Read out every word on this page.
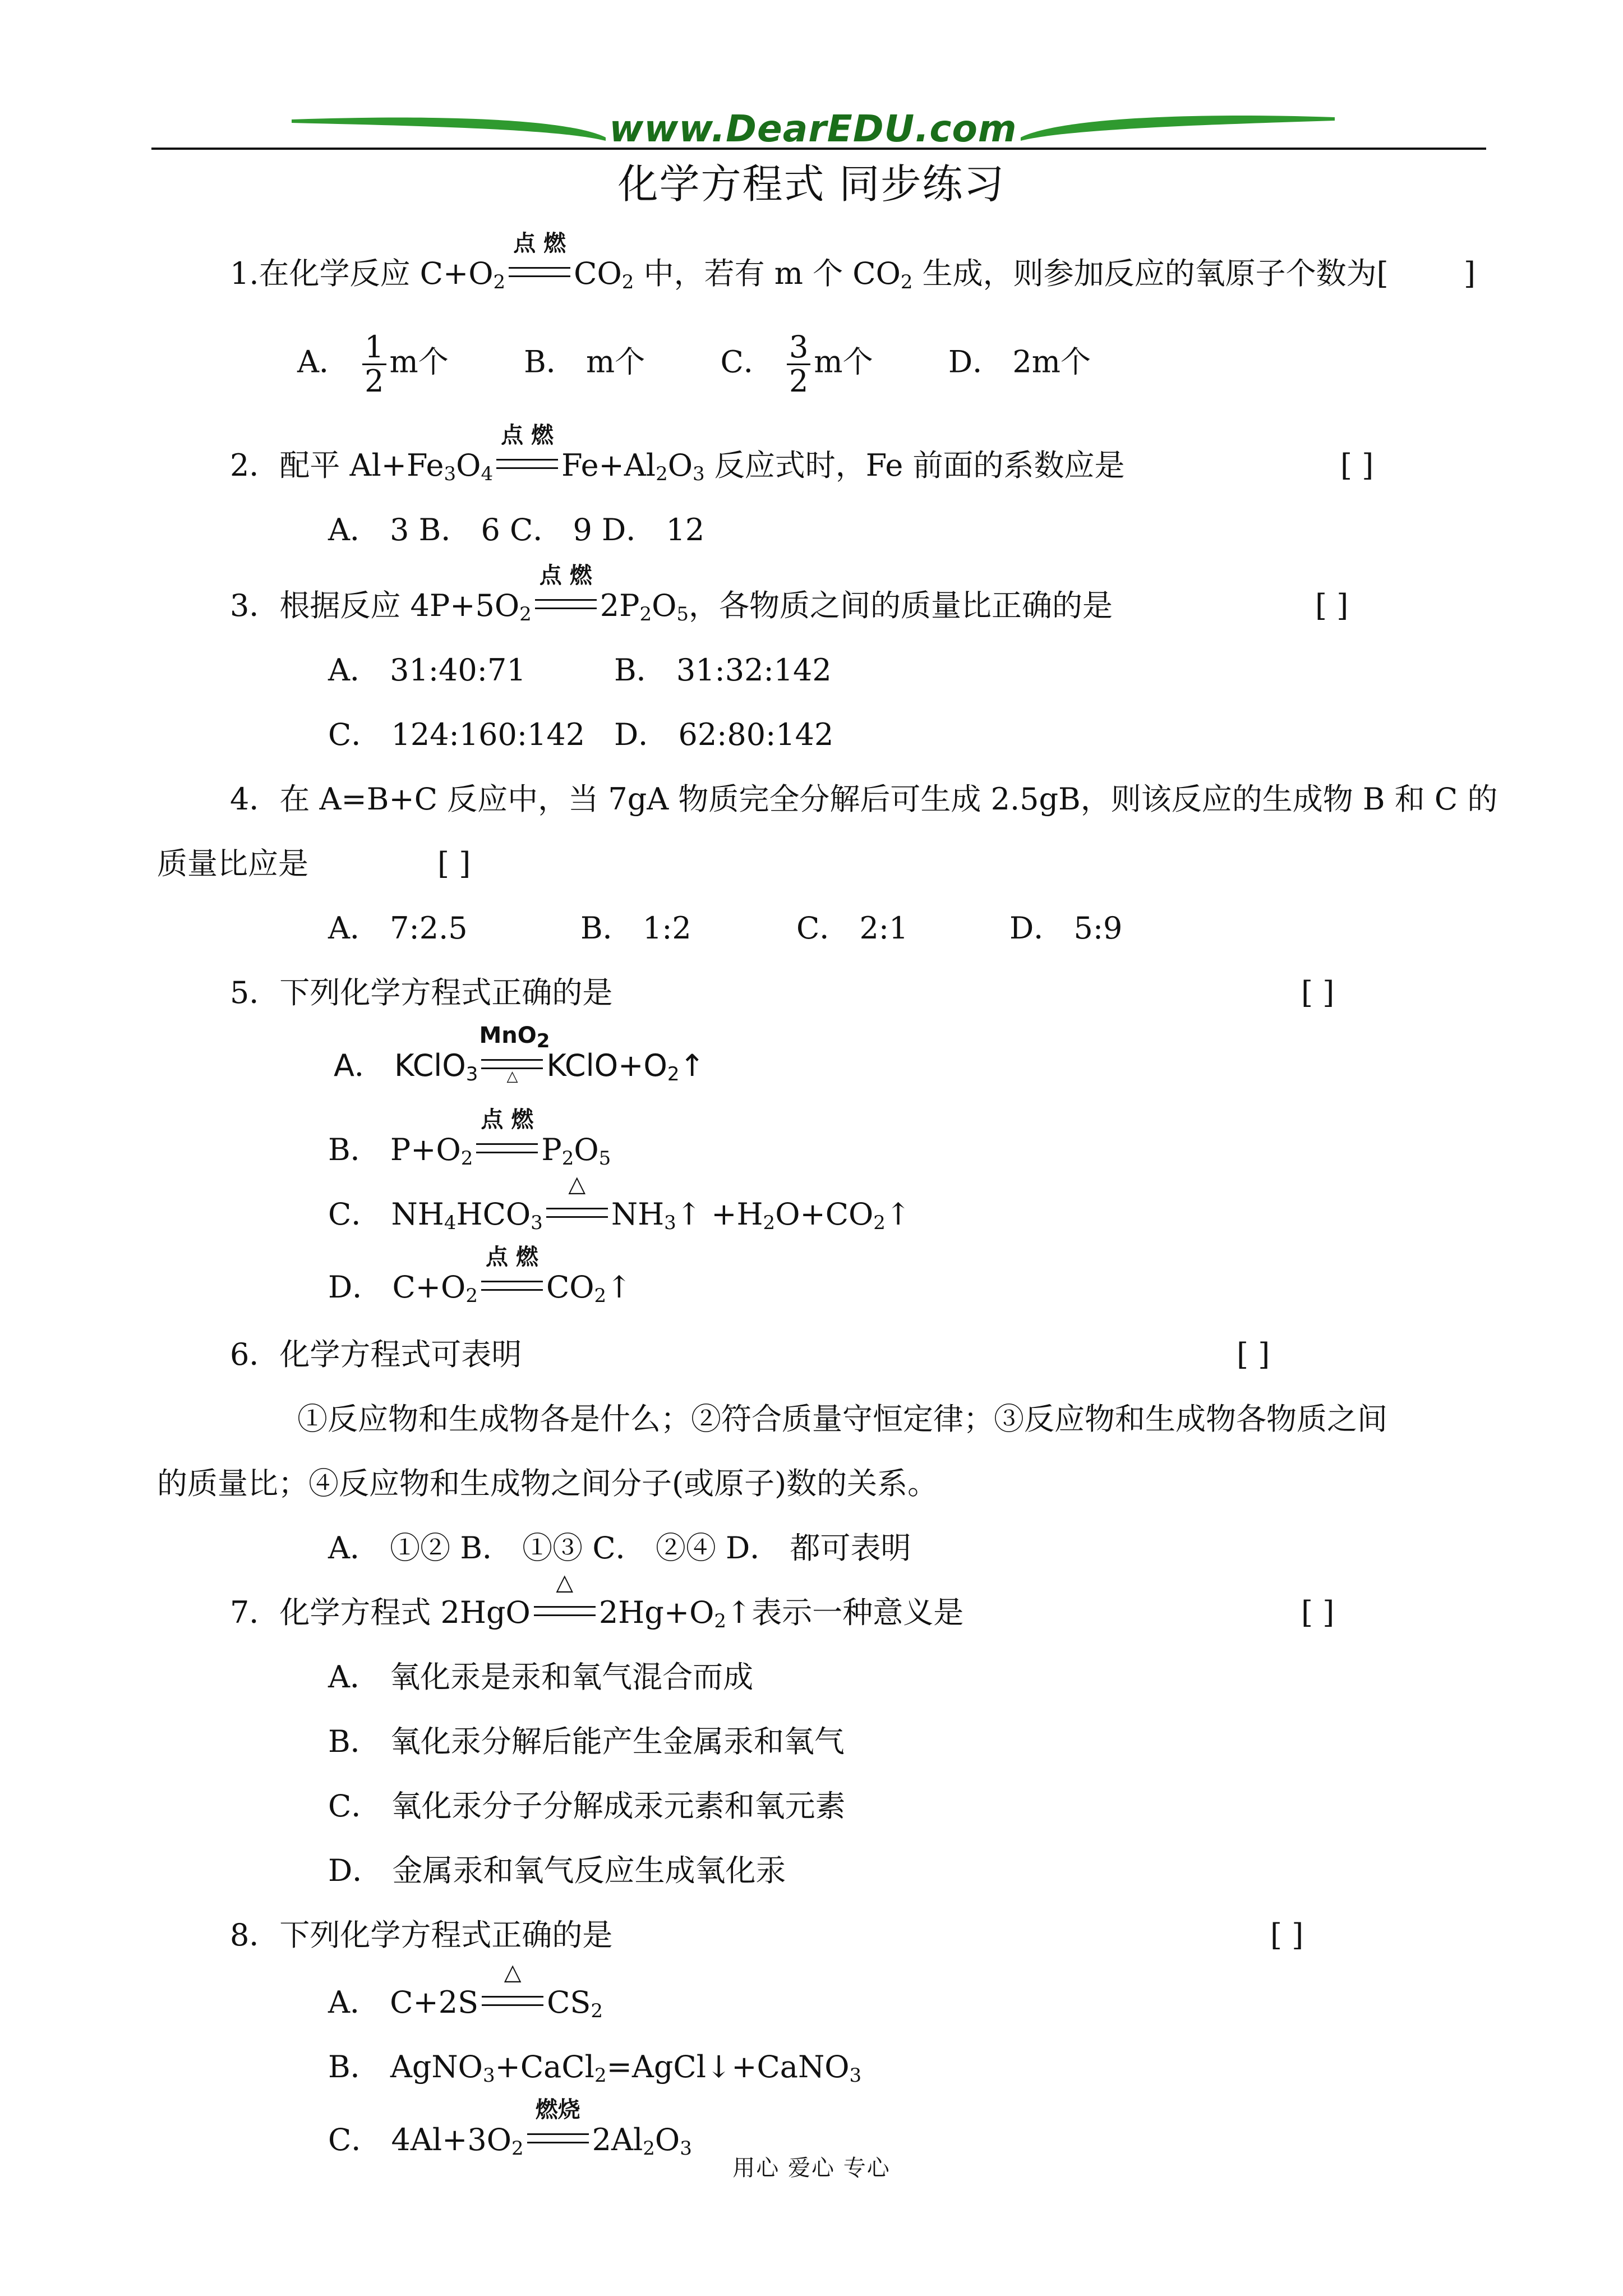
www.DearEDU.com
化学方程式 同步练习
1.在化学反应 $C+O_2$
点 燃
$CO_2$ 中，若有 m 个 $CO_2$ 生成，则参加反应的氧原子个数为[ ]
A． $\frac{1}{2}$ m个 B． m个 C． $\frac{3}{2}$ m个 D． 2m个
2．配平 $Al+Fe_3O_4$
点 燃
$Fe+Al_2O_3$ 反应式时，Fe 前面的系数应是	[ ]
A． 3 B． 6 C． 9 D． 12
3．根据反应 $4P+5O_2$
点 燃
$2P_2O_5$，各物质之间的质量比正确的是	[ ]
A． 31:40:71	B． 31:32:142
C． 124:160:142 D． 62:80:142
4．在 A=B+C 反应中，当 7gA 物质完全分解后可生成 2.5gB，则该反应的生成物 B 和 C 的
质量比应是	[ ]
A． 7:2.5	B． 1:2	C． 2:1	D． 5:9
5．下列化学方程式正确的是	[ ]
A． KClO$_3$
MnO$_2$
△ $KClO+O_2↑$
B． $P+O_2$
点 燃
$P_2O_5$
C． $NH_4HCO_3$
△
$NH_3↑$ $+H_2O+CO_2↑$
D． $C+O_2$
点 燃
$CO_2↑$
6．化学方程式可表明	[ ]
①反应物和生成物各是什么；②符合质量守恒定律；③反应物和生成物各物质之间
的质量比；④反应物和生成物之间分子(或原子)数的关系。
A． ①② B． ①③ C． ②④ D． 都可表明
7．化学方程式 2HgO
△
$2Hg+O_2↑$表示一种意义是	[ ]
A． 氧化汞是汞和氧气混合而成
B． 氧化汞分解后能产生金属汞和氧气
C． 氧化汞分子分解成汞元素和氧元素
D． 金属汞和氧气反应生成氧化汞
8．下列化学方程式正确的是	[ ]
A． C+2S
△
$CS_2$
B． AgNO$_3$+CaCl$_2$=AgCl↓+CaNO$_3$
C． $4Al+3O_2$
燃烧
$2Al_2O_3$
用心 爱心 专心
